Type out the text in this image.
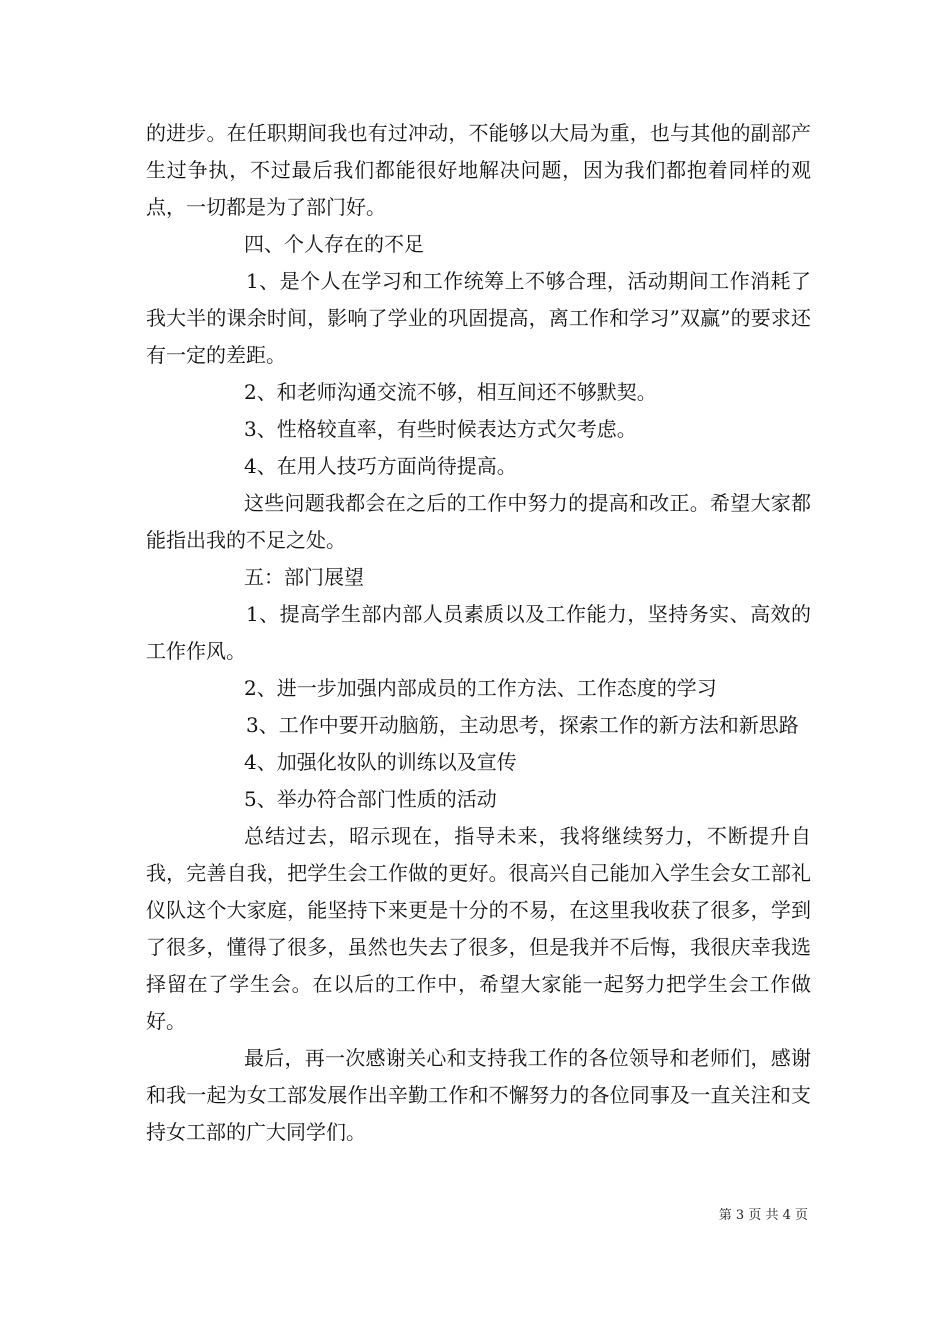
的进步。在任职期间我也有过冲动，不能够以大局为重，也与其他的副部产生过争执，不过最后我们都能很好地解决问题，因为我们都抱着同样的观点，一切都是为了部门好。

四、个人存在的不足

1、是个人在学习和工作统筹上不够合理，活动期间工作消耗了我大半的课余时间，影响了学业的巩固提高，离工作和学习”双赢”的要求还有一定的差距。

2、和老师沟通交流不够，相互间还不够默契。

3、性格较直率，有些时候表达方式欠考虑。

4、在用人技巧方面尚待提高。

这些问题我都会在之后的工作中努力的提高和改正。希望大家都能指出我的不足之处。

五：部门展望

1、提高学生部内部人员素质以及工作能力，坚持务实、高效的工作作风。

2、进一步加强内部成员的工作方法、工作态度的学习

3、工作中要开动脑筋，主动思考，探索工作的新方法和新思路

4、加强化妆队的训练以及宣传

5、举办符合部门性质的活动

总结过去，昭示现在，指导未来，我将继续努力，不断提升自我，完善自我，把学生会工作做的更好。很高兴自己能加入学生会女工部礼仪队这个大家庭，能坚持下来更是十分的不易，在这里我收获了很多，学到了很多，懂得了很多，虽然也失去了很多，但是我并不后悔，我很庆幸我选择留在了学生会。在以后的工作中，希望大家能一起努力把学生会工作做好。

最后，再一次感谢关心和支持我工作的各位领导和老师们，感谢和我一起为女工部发展作出辛勤工作和不懈努力的各位同事及一直关注和支持女工部的广大同学们。

第 3 页 共 4 页
